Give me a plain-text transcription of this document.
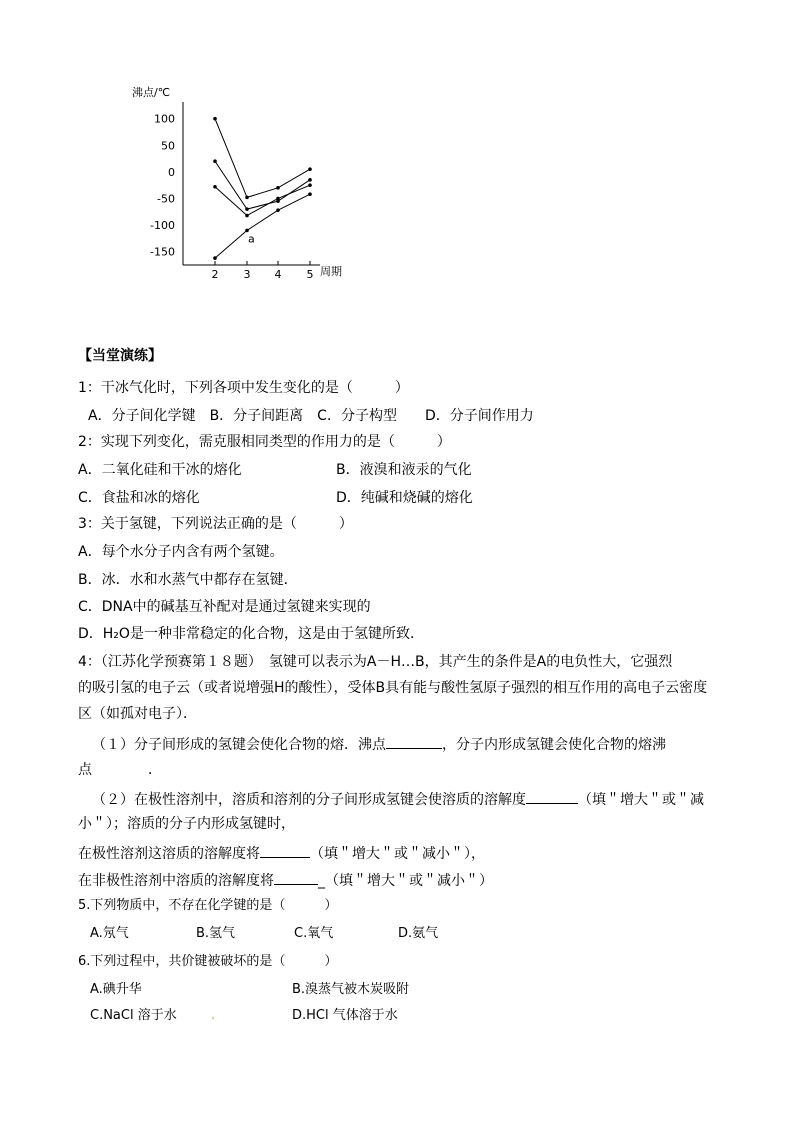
100
50
0
-50
-100
-150
2 3 4 5
沸点/℃
周期
a
【当堂演练】
1：干冰气化时，下列各项中发生变化的是（　　　）
A．分子间化学键　B．分子间距离　C．分子构型　　D．分子间作用力
2：实现下列变化，需克服相同类型的作用力的是（　　　）
A．二氧化硅和干冰的熔化	B．液溴和液汞的气化
C．食盐和冰的熔化	D．纯碱和烧碱的熔化
3：关于氢键，下列说法正确的是（　　　）
A．每个水分子内含有两个氢键。
B．冰．水和水蒸气中都存在氢键．
C．DNA中的碱基互补配对是通过氢键来实现的
D．H₂O是一种非常稳定的化合物，这是由于氢键所致．
4：（江苏化学预赛第１８题）　氢键可以表示为A－H…B，其产生的条件是A的电负性大，它强烈
的吸引氢的电子云（或者说增强H的酸性），受体B具有能与酸性氢原子强烈的相互作用的高电子云密度
区（如孤对电子）．
（１）分子间形成的氢键会使化合物的熔．沸点	，分子内形成氢键会使化合物的熔沸
点　　　　．
（２）在极性溶剂中，溶质和溶剂的分子间形成氢键会使溶质的溶解度	（填＂增大＂或＂减
小＂）；溶质的分子内形成氢键时，
在极性溶剂这溶质的溶解度将	（填＂增大＂或＂减小＂），
在非极性溶剂中溶质的溶解度将	_（填＂增大＂或＂减小＂）
5.下列物质中，不存在化学键的是（　　　）
A.氖气	B.氢气	C.氧气	D.氨气
6.下列过程中，共价键被破坏的是（　　　）
A.碘升华	B.溴蒸气被木炭吸附
C.NaCl 溶于水	.	D.HCl 气体溶于水
